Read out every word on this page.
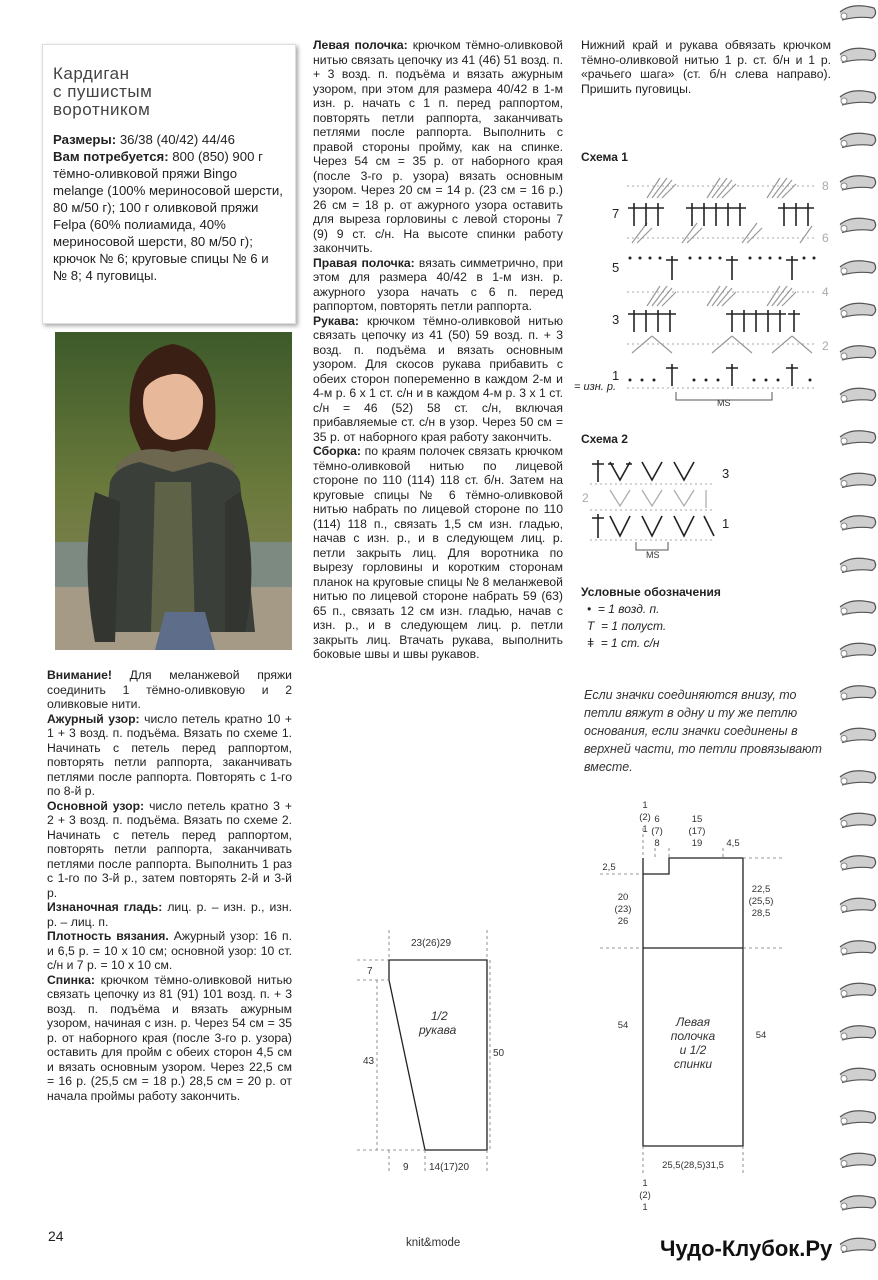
Кардиган
с пушистым
воротником
Размеры: 36/38 (40/42) 44/46
Вам потребуется: 800 (850) 900 г тёмно-оливковой пряжи Bingo melange (100% мериносовой шерсти, 80 м/50 г); 100 г оливковой пряжи Felpa (60% полиамида, 40% мериносовой шерсти, 80 м/50 г); крючок № 6; круговые спицы № 6 и № 8; 4 пуговицы.

Внимание! Для меланжевой пряжи соединить 1 тёмно-оливковую и 2 оливковые нити.

Ажурный узор: число петель кратно 10 + 1 + 3 возд. п. подъёма. Вязать по схеме 1. Начинать с петель перед раппортом, повторять петли раппорта, заканчивать петлями после раппорта. Повторять с 1-го по 8-й р.

Основной узор: число петель кратно 3 + 2 + 3 возд. п. подъёма. Вязать по схеме 2. Начинать с петель перед раппортом, повторять петли раппорта, заканчивать петлями после раппорта. Выполнить 1 раз с 1-го по 3-й р., затем повторять 2-й и 3-й р.

Изнаночная гладь: лиц. р. – изн. р., изн. р. – лиц. п.

Плотность вязания. Ажурный узор: 16 п. и 6,5 р. = 10 х 10 см; основной узор: 10 ст. с/н и 7 р. = 10 х 10 см.

Спинка: крючком тёмно-оливковой нитью связать цепочку из 81 (91) 101 возд. п. + 3 возд. п. подъёма и вязать ажурным узором, начиная с изн. р. Через 54 см = 35 р. от наборного края (после 3-го р. узора) оставить для пройм с обеих сторон 4,5 см и вязать основным узором. Через 22,5 см = 16 р. (25,5 см = 18 р.) 28,5 см = 20 р. от начала проймы работу закончить.

Левая полочка: крючком тёмно-оливковой нитью связать цепочку из 41 (46) 51 возд. п. + 3 возд. п. подъёма и вязать ажурным узором, при этом для размера 40/42 в 1-м изн. р. начать с 1 п. перед раппортом, повторять петли раппорта, заканчивать петлями после раппорта. Выполнить с правой стороны пройму, как на спинке. Через 54 см = 35 р. от наборного края (после 3-го р. узора) вязать основным узором. Через 20 см = 14 р. (23 см = 16 р.) 26 см = 18 р. от ажурного узора оставить для выреза горловины с левой стороны 7 (9) 9 ст. с/н. На высоте спинки работу закончить.

Правая полочка: вязать симметрично, при этом для размера 40/42 в 1-м изн. р. ажурного узора начать с 6 п. перед раппортом, повторять петли раппорта.

Рукава: крючком тёмно-оливковой нитью связать цепочку из 41 (50) 59 возд. п. + 3 возд. п. подъёма и вязать основным узором. Для скосов рукава прибавить с обеих сторон попеременно в каждом 2-м и 4-м р. 6 х 1 ст. с/н и в каждом 4-м р. 3 х 1 ст. с/н = 46 (52) 58 ст. с/н, включая прибавляемые ст. с/н в узор. Через 50 см = 35 р. от наборного края работу закончить.

Сборка: по краям полочек связать крючком тёмно-оливковой нитью по лицевой стороне по 110 (114) 118 ст. б/н. Затем на круговые спицы № 6 тёмно-оливковой нитью набрать по лицевой стороне по 110 (114) 118 п., связать 1,5 см изн. гладью, начав с изн. р., и в следующем лиц. р. петли закрыть лиц. Для воротника по вырезу горловины и коротким сторонам планок на круговые спицы № 8 меланжевой нитью по лицевой стороне набрать 59 (63) 65 п., связать 12 см изн. гладью, начав с изн. р., и в следующем лиц. р. петли закрыть лиц. Втачать рукава, выполнить боковые швы и швы рукавов.

Нижний край и рукава обвязать крючком тёмно-оливковой нитью 1 р. ст. б/н и 1 р. «рачьего шага» (ст. б/н слева направо). Пришить пуговицы.

Схема 1
7
5
3
1
8
6
4
2
= изн. р.
MS
Схема 2
3
1
2
MS
Условные обозначения
• = 1 возд. п.
T = 1 полуст.
ǂ = 1 ст. с/н
Если значки соединяются внизу, то петли вяжут в одну и ту же петлю основания, если значки соединены в верхней части, то петли провязывают вместе.
23(26)29
7
43
50
9 14(17)20
1/2
рукава
1
(2)
1
6
(7)
8
15
(17)
19	4,5
2,5
20
(23)
26
22,5
(25,5)
28,5
54
54
25,5(28,5)31,5
1
(2)
1
Левая
полочка
и 1/2
спинки
24	knit&mode	Чудо-Клубок.Ру
